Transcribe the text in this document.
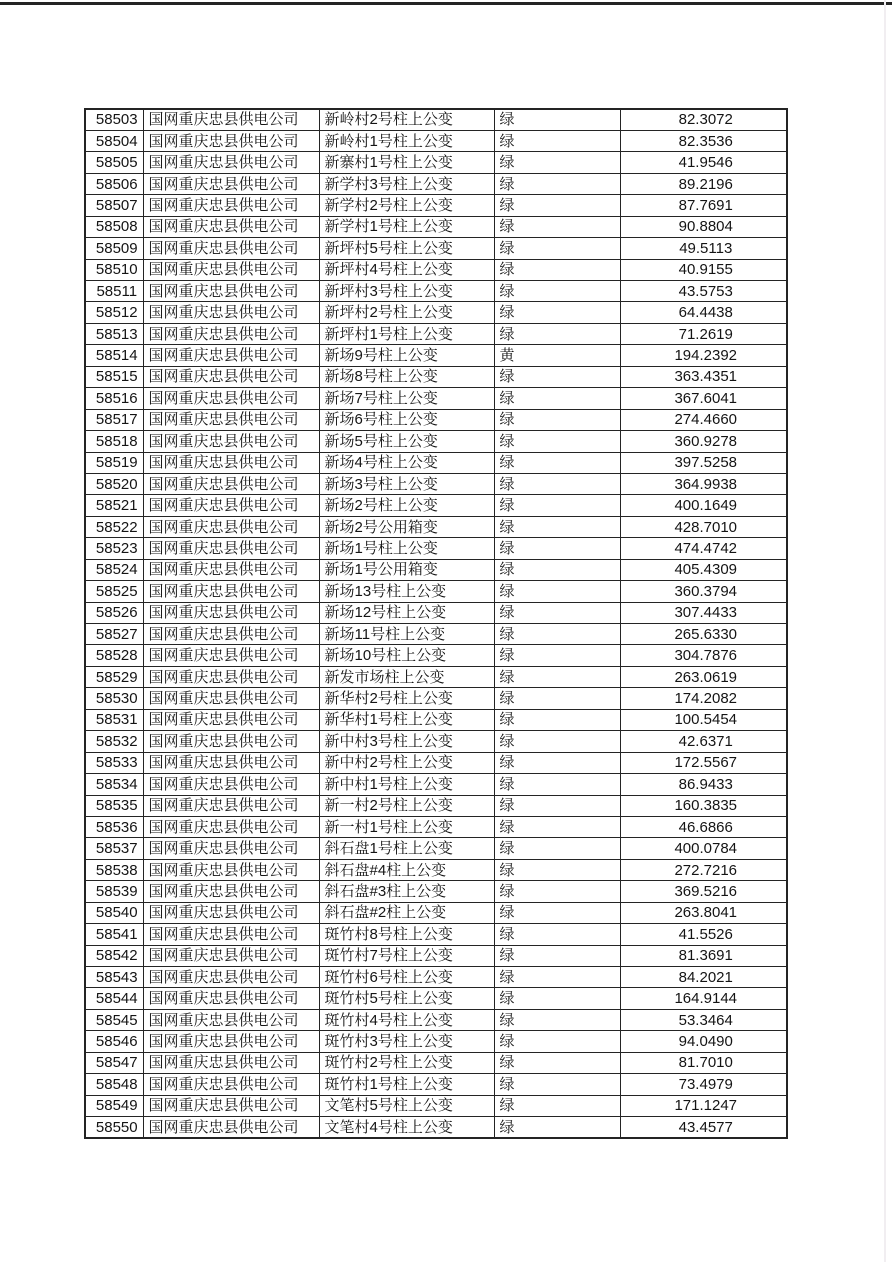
58503	国网重庆忠县供电公司	新岭村2号柱上公变	绿	82.3072
58504	国网重庆忠县供电公司	新岭村1号柱上公变	绿	82.3536
58505	国网重庆忠县供电公司	新寨村1号柱上公变	绿	41.9546
58506	国网重庆忠县供电公司	新学村3号柱上公变	绿	89.2196
58507	国网重庆忠县供电公司	新学村2号柱上公变	绿	87.7691
58508	国网重庆忠县供电公司	新学村1号柱上公变	绿	90.8804
58509	国网重庆忠县供电公司	新坪村5号柱上公变	绿	49.5113
58510	国网重庆忠县供电公司	新坪村4号柱上公变	绿	40.9155
58511	国网重庆忠县供电公司	新坪村3号柱上公变	绿	43.5753
58512	国网重庆忠县供电公司	新坪村2号柱上公变	绿	64.4438
58513	国网重庆忠县供电公司	新坪村1号柱上公变	绿	71.2619
58514	国网重庆忠县供电公司	新场9号柱上公变	黄	194.2392
58515	国网重庆忠县供电公司	新场8号柱上公变	绿	363.4351
58516	国网重庆忠县供电公司	新场7号柱上公变	绿	367.6041
58517	国网重庆忠县供电公司	新场6号柱上公变	绿	274.4660
58518	国网重庆忠县供电公司	新场5号柱上公变	绿	360.9278
58519	国网重庆忠县供电公司	新场4号柱上公变	绿	397.5258
58520	国网重庆忠县供电公司	新场3号柱上公变	绿	364.9938
58521	国网重庆忠县供电公司	新场2号柱上公变	绿	400.1649
58522	国网重庆忠县供电公司	新场2号公用箱变	绿	428.7010
58523	国网重庆忠县供电公司	新场1号柱上公变	绿	474.4742
58524	国网重庆忠县供电公司	新场1号公用箱变	绿	405.4309
58525	国网重庆忠县供电公司	新场13号柱上公变	绿	360.3794
58526	国网重庆忠县供电公司	新场12号柱上公变	绿	307.4433
58527	国网重庆忠县供电公司	新场11号柱上公变	绿	265.6330
58528	国网重庆忠县供电公司	新场10号柱上公变	绿	304.7876
58529	国网重庆忠县供电公司	新发市场柱上公变	绿	263.0619
58530	国网重庆忠县供电公司	新华村2号柱上公变	绿	174.2082
58531	国网重庆忠县供电公司	新华村1号柱上公变	绿	100.5454
58532	国网重庆忠县供电公司	新中村3号柱上公变	绿	42.6371
58533	国网重庆忠县供电公司	新中村2号柱上公变	绿	172.5567
58534	国网重庆忠县供电公司	新中村1号柱上公变	绿	86.9433
58535	国网重庆忠县供电公司	新一村2号柱上公变	绿	160.3835
58536	国网重庆忠县供电公司	新一村1号柱上公变	绿	46.6866
58537	国网重庆忠县供电公司	斜石盘1号柱上公变	绿	400.0784
58538	国网重庆忠县供电公司	斜石盘#4柱上公变	绿	272.7216
58539	国网重庆忠县供电公司	斜石盘#3柱上公变	绿	369.5216
58540	国网重庆忠县供电公司	斜石盘#2柱上公变	绿	263.8041
58541	国网重庆忠县供电公司	斑竹村8号柱上公变	绿	41.5526
58542	国网重庆忠县供电公司	斑竹村7号柱上公变	绿	81.3691
58543	国网重庆忠县供电公司	斑竹村6号柱上公变	绿	84.2021
58544	国网重庆忠县供电公司	斑竹村5号柱上公变	绿	164.9144
58545	国网重庆忠县供电公司	斑竹村4号柱上公变	绿	53.3464
58546	国网重庆忠县供电公司	斑竹村3号柱上公变	绿	94.0490
58547	国网重庆忠县供电公司	斑竹村2号柱上公变	绿	81.7010
58548	国网重庆忠县供电公司	斑竹村1号柱上公变	绿	73.4979
58549	国网重庆忠县供电公司	文笔村5号柱上公变	绿	171.1247
58550	国网重庆忠县供电公司	文笔村4号柱上公变	绿	43.4577
